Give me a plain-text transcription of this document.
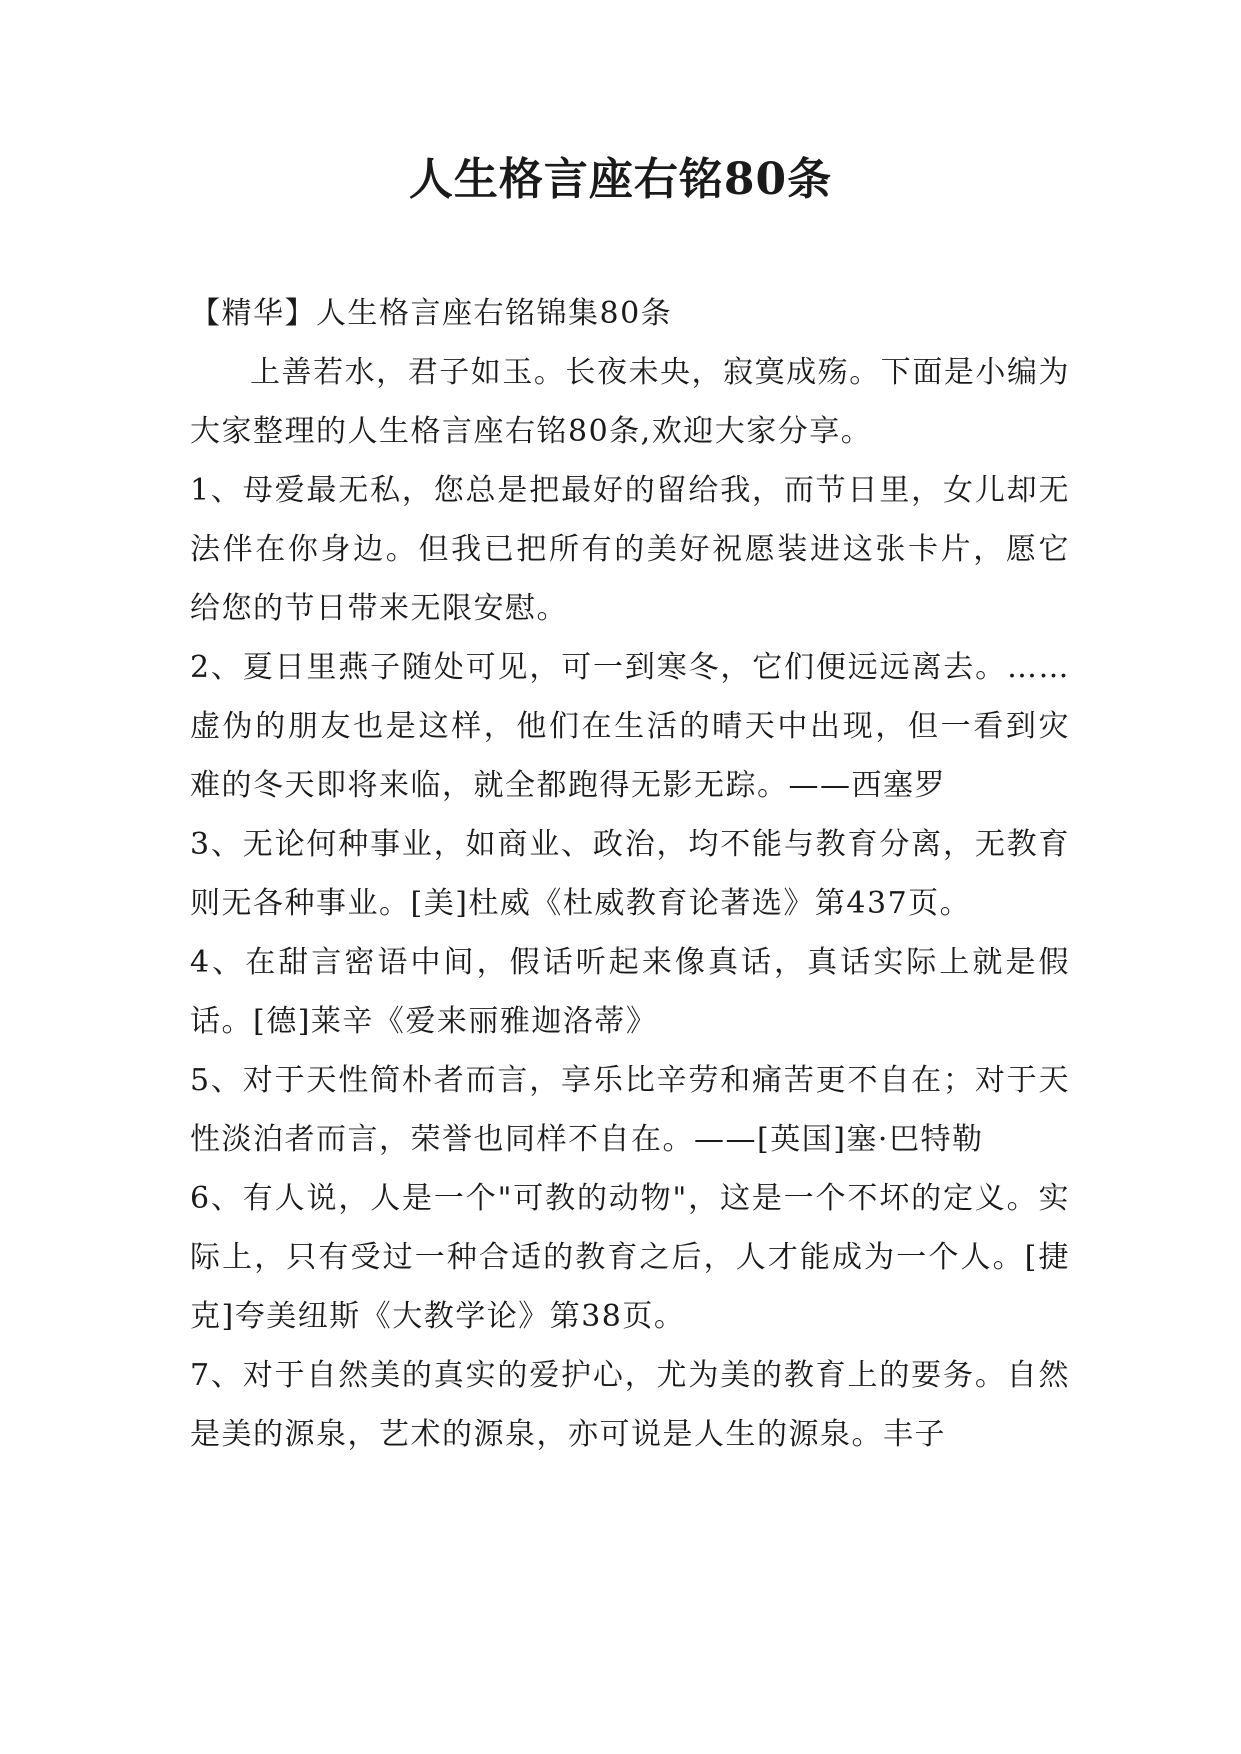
人生格言座右铭80条

【精华】人生格言座右铭锦集80条

上善若水，君子如玉。长夜未央，寂寞成殇。下面是小编为大家整理的人生格言座右铭80条,欢迎大家分享。

1、母爱最无私，您总是把最好的留给我，而节日里，女儿却无法伴在你身边。但我已把所有的美好祝愿装进这张卡片，愿它给您的节日带来无限安慰。

2、夏日里燕子随处可见，可一到寒冬，它们便远远离去。……虚伪的朋友也是这样，他们在生活的晴天中出现，但一看到灾难的冬天即将来临，就全都跑得无影无踪。——西塞罗

3、无论何种事业，如商业、政治，均不能与教育分离，无教育则无各种事业。[美]杜威《杜威教育论著选》第437页。

4、在甜言密语中间，假话听起来像真话，真话实际上就是假话。[德]莱辛《爱来丽雅迦洛蒂》

5、对于天性简朴者而言，享乐比辛劳和痛苦更不自在；对于天性淡泊者而言，荣誉也同样不自在。——[英国]塞·巴特勒

6、有人说，人是一个"可教的动物"，这是一个不坏的定义。实际上，只有受过一种合适的教育之后，人才能成为一个人。[捷克]夸美纽斯《大教学论》第38页。

7、对于自然美的真实的爱护心，尤为美的教育上的要务。自然是美的源泉，艺术的源泉，亦可说是人生的源泉。丰子
